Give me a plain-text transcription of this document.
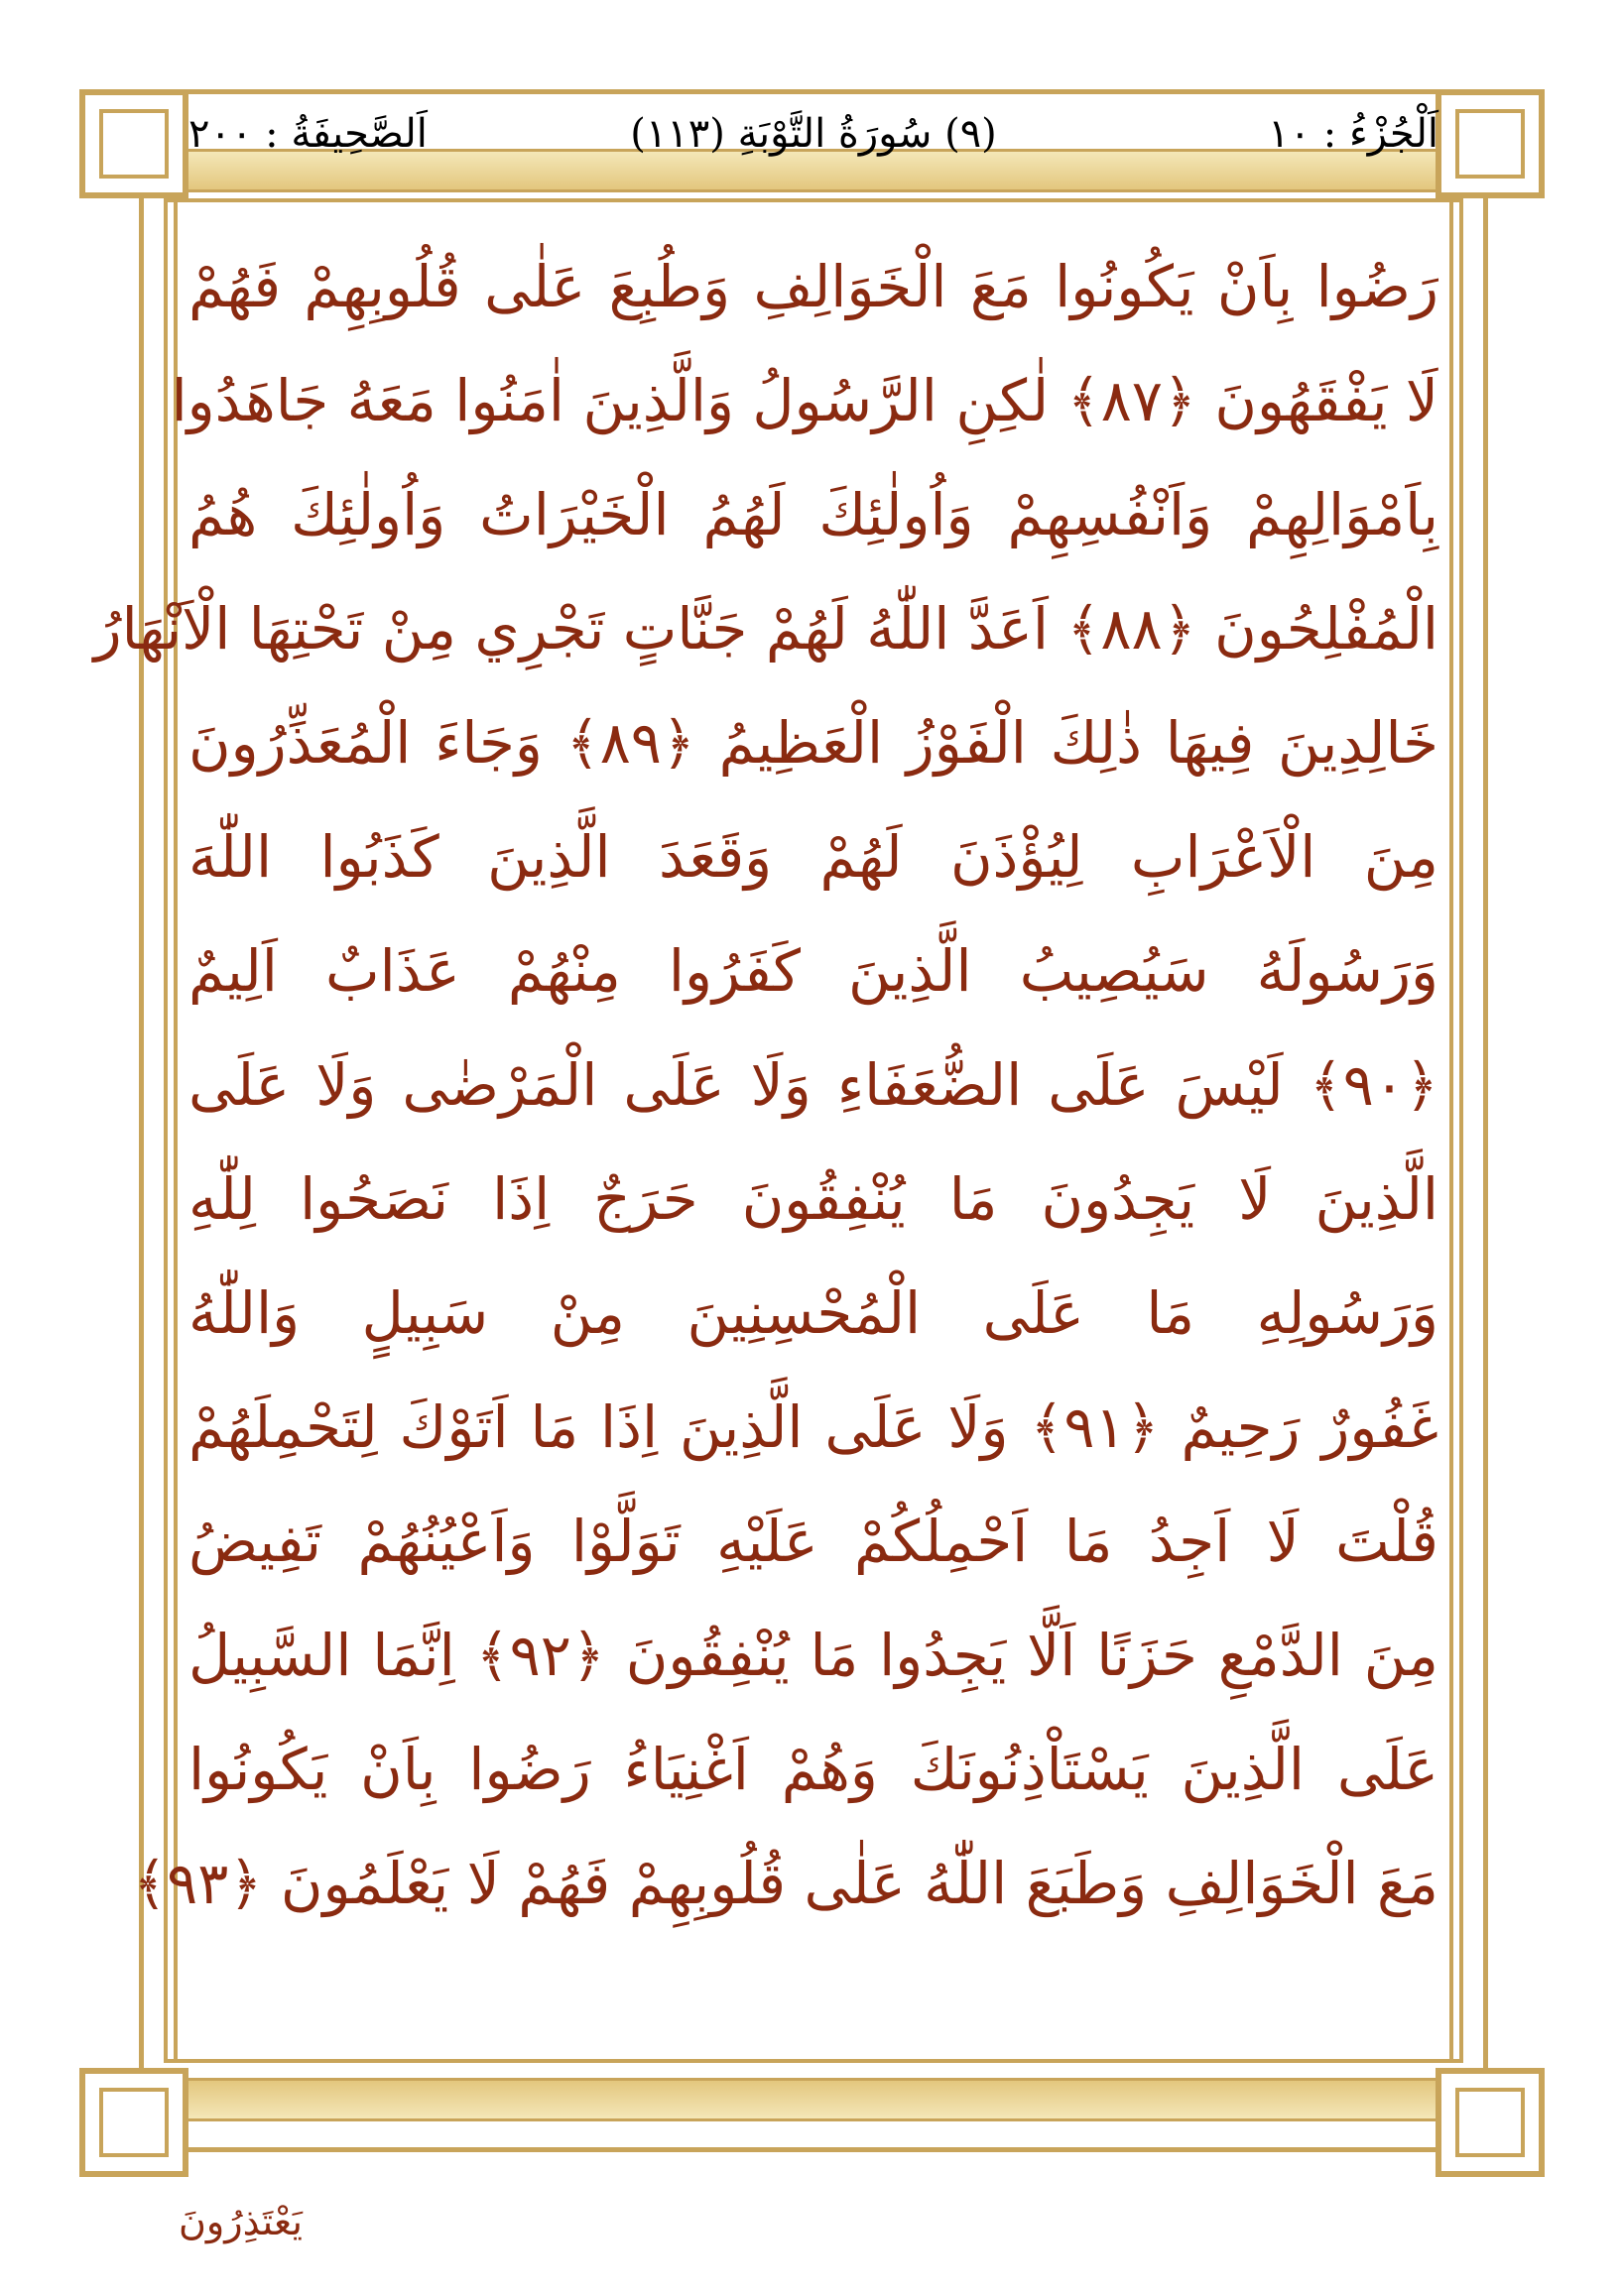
اَلْجُزْءُ : ١٠
(٩) سُورَةُ التَّوْبَةِ (١١٣)
اَلصَّحِيفَةُ : ٢٠٠
رَضُوا بِاَنْ يَكُونُوا مَعَ الْخَوَالِفِ وَطُبِعَ عَلٰى قُلُوبِهِمْ فَهُمْ
لَا يَفْقَهُونَ ﴿٨٧﴾ لٰكِنِ الرَّسُولُ وَالَّذِينَ اٰمَنُوا مَعَهُ جَاهَدُوا
بِاَمْوَالِهِمْ وَاَنْفُسِهِمْ وَاُولٰئِكَ لَهُمُ الْخَيْرَاتُ وَاُولٰئِكَ هُمُ
الْمُفْلِحُونَ ﴿٨٨﴾ اَعَدَّ اللّٰهُ لَهُمْ جَنَّاتٍ تَجْرِي مِنْ تَحْتِهَا الْاَنْهَارُ
خَالِدِينَ فِيهَا ذٰلِكَ الْفَوْزُ الْعَظِيمُ ﴿٨٩﴾ وَجَاءَ الْمُعَذِّرُونَ
مِنَ الْاَعْرَابِ لِيُؤْذَنَ لَهُمْ وَقَعَدَ الَّذِينَ كَذَبُوا اللّٰهَ
وَرَسُولَهُ سَيُصِيبُ الَّذِينَ كَفَرُوا مِنْهُمْ عَذَابٌ اَلِيمٌ
﴿٩٠﴾ لَيْسَ عَلَى الضُّعَفَاءِ وَلَا عَلَى الْمَرْضٰى وَلَا عَلَى
الَّذِينَ لَا يَجِدُونَ مَا يُنْفِقُونَ حَرَجٌ اِذَا نَصَحُوا لِلّٰهِ
وَرَسُولِهِ مَا عَلَى الْمُحْسِنِينَ مِنْ سَبِيلٍ وَاللّٰهُ
غَفُورٌ رَحِيمٌ ﴿٩١﴾ وَلَا عَلَى الَّذِينَ اِذَا مَا اَتَوْكَ لِتَحْمِلَهُمْ
قُلْتَ لَا اَجِدُ مَا اَحْمِلُكُمْ عَلَيْهِ تَوَلَّوْا وَاَعْيُنُهُمْ تَفِيضُ
مِنَ الدَّمْعِ حَزَنًا اَلَّا يَجِدُوا مَا يُنْفِقُونَ ﴿٩٢﴾ اِنَّمَا السَّبِيلُ
عَلَى الَّذِينَ يَسْتَاْذِنُونَكَ وَهُمْ اَغْنِيَاءُ رَضُوا بِاَنْ يَكُونُوا
مَعَ الْخَوَالِفِ وَطَبَعَ اللّٰهُ عَلٰى قُلُوبِهِمْ فَهُمْ لَا يَعْلَمُونَ ﴿٩٣﴾
يَعْتَذِرُونَ
